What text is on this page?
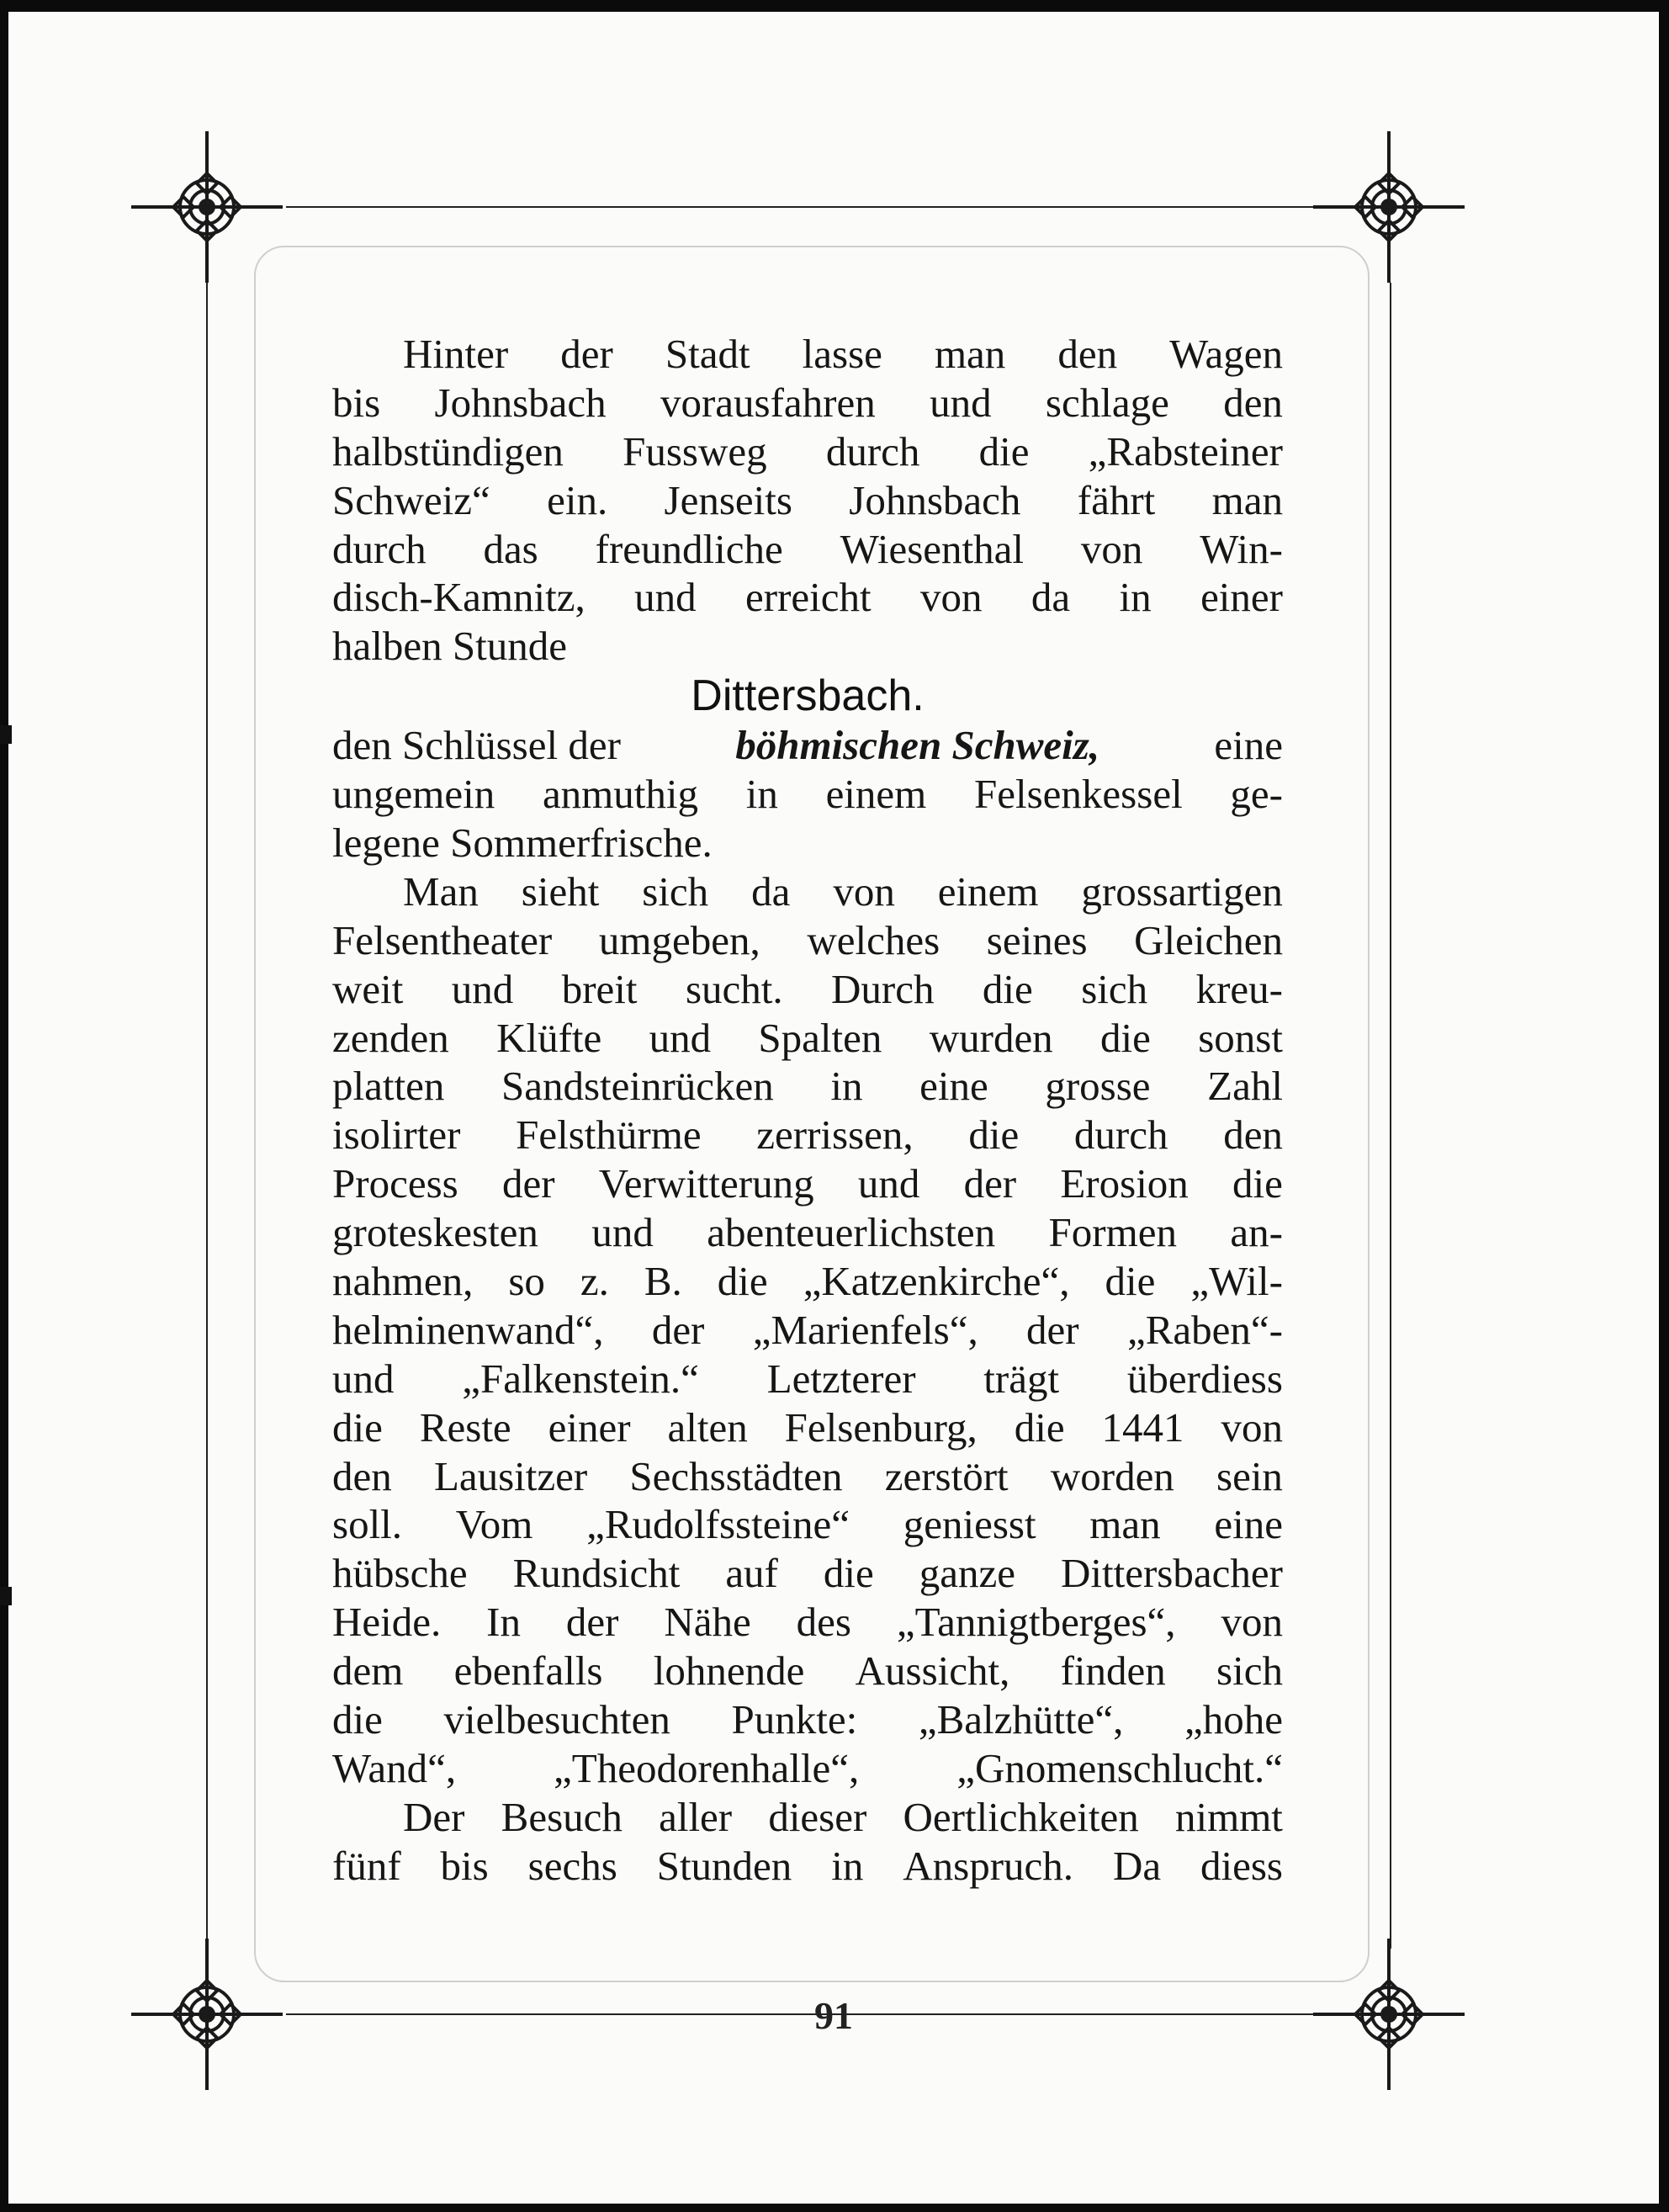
Hinter der Stadt lasse man den Wagen
bis Johnsbach vorausfahren und schlage den
halbstündigen Fussweg durch die „Rabsteiner
Schweiz“ ein. Jenseits Johnsbach fährt man
durch das freundliche Wiesenthal von Win-
disch-Kamnitz, und erreicht von da in einer
halben Stunde
Dittersbach.
den Schlüssel der	böhmischen Schweiz,	eine
ungemein anmuthig in einem Felsenkessel ge-
legene Sommerfrische.
Man sieht sich da von einem grossartigen
Felsentheater umgeben, welches seines Gleichen
weit und breit sucht. Durch die sich kreu-
zenden Klüfte und Spalten wurden die sonst
platten Sandsteinrücken in eine grosse Zahl
isolirter Felsthürme zerrissen, die durch den
Process der Verwitterung und der Erosion die
groteskesten und abenteuerlichsten Formen an-
nahmen, so z. B. die „Katzenkirche“, die „Wil-
helminenwand“, der „Marienfels“, der „Raben“-
und „Falkenstein.“ Letzterer trägt überdiess
die Reste einer alten Felsenburg, die 1441 von
den Lausitzer Sechsstädten zerstört worden sein
soll. Vom „Rudolfssteine“ geniesst man eine
hübsche Rundsicht auf die ganze Dittersbacher
Heide. In der Nähe des „Tannigtberges“, von
dem ebenfalls lohnende Aussicht, finden sich
die vielbesuchten Punkte: „Balzhütte“, „hohe
Wand“, „Theodorenhalle“, „Gnomenschlucht.“
Der Besuch aller dieser Oertlichkeiten nimmt
fünf bis sechs Stunden in Anspruch. Da diess
91
